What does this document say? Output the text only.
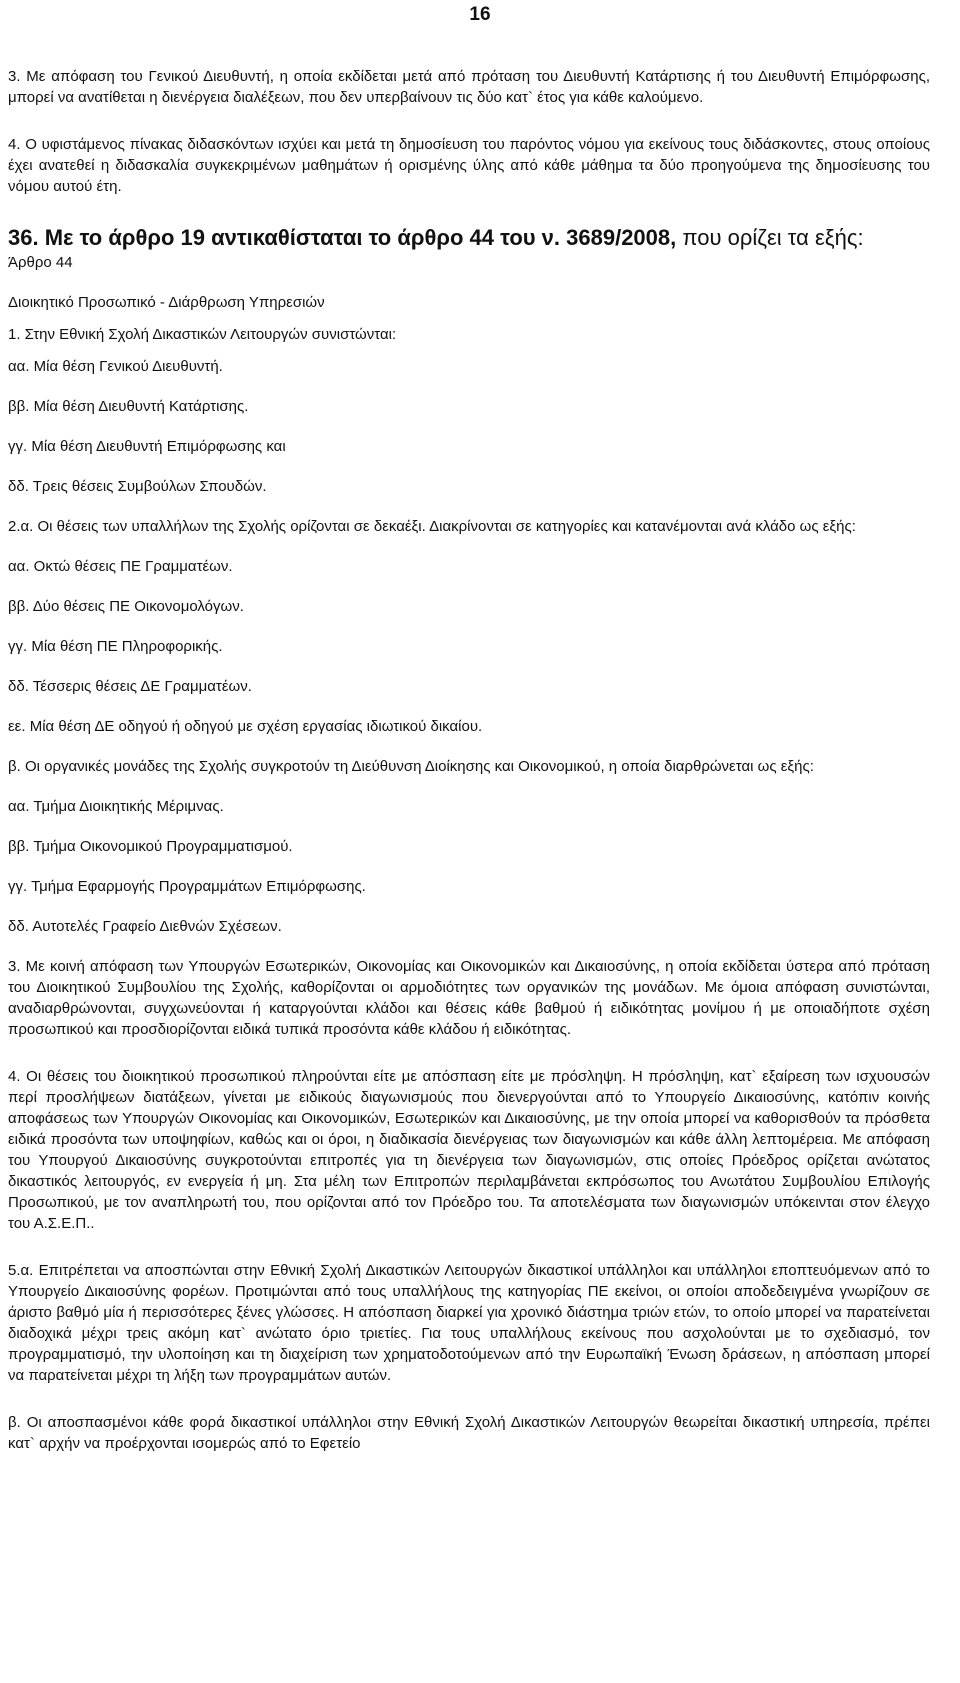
16

3. Με απόφαση του Γενικού Διευθυντή, η οποία εκδίδεται μετά από πρόταση του Διευθυντή Κατάρτισης ή του Διευθυντή Επιμόρφωσης, μπορεί να ανατίθεται η διενέργεια διαλέξεων, που δεν υπερβαίνουν τις δύο κατ` έτος για κάθε καλούμενο.

4. Ο υφιστάμενος πίνακας διδασκόντων ισχύει και μετά τη δημοσίευση του παρόντος νόμου για εκείνους τους διδάσκοντες, στους οποίους έχει ανατεθεί η διδασκαλία συγκεκριμένων μαθημάτων ή ορισμένης ύλης από κάθε μάθημα τα δύο προηγούμενα της δημοσίευσης του νόμου αυτού έτη.

36. Με το άρθρο 19 αντικαθίσταται το άρθρο 44 του ν. 3689/2008, που ορίζει τα εξής:

Άρθρο 44

Διοικητικό Προσωπικό - Διάρθρωση Υπηρεσιών

1. Στην Εθνική Σχολή Δικαστικών Λειτουργών συνιστώνται:

αα. Μία θέση Γενικού Διευθυντή.

ββ. Μία θέση Διευθυντή Κατάρτισης.

γγ. Μία θέση Διευθυντή Επιμόρφωσης και

δδ. Τρεις θέσεις Συμβούλων Σπουδών.

2.α. Οι θέσεις των υπαλλήλων της Σχολής ορίζονται σε δεκαέξι. Διακρίνονται σε κατηγορίες και κατανέμονται ανά κλάδο ως εξής:

αα. Οκτώ θέσεις ΠΕ Γραμματέων.

ββ. Δύο θέσεις ΠΕ Οικονομολόγων.

γγ. Μία θέση ΠΕ Πληροφορικής.

δδ. Τέσσερις θέσεις ΔΕ Γραμματέων.

εε. Μία θέση ΔΕ οδηγού ή οδηγού με σχέση εργασίας ιδιωτικού δικαίου.

β. Οι οργανικές μονάδες της Σχολής συγκροτούν τη Διεύθυνση Διοίκησης και Οικονομικού, η οποία διαρθρώνεται ως εξής:

αα. Τμήμα Διοικητικής Μέριμνας.

ββ. Τμήμα Οικονομικού Προγραμματισμού.

γγ. Τμήμα Εφαρμογής Προγραμμάτων Επιμόρφωσης.

δδ. Αυτοτελές Γραφείο Διεθνών Σχέσεων.

3. Με κοινή απόφαση των Υπουργών Εσωτερικών, Οικονομίας και Οικονομικών και Δικαιοσύνης, η οποία εκδίδεται ύστερα από πρόταση του Διοικητικού Συμβουλίου της Σχολής, καθορίζονται οι αρμοδιότητες των οργανικών της μονάδων. Με όμοια απόφαση συνιστώνται, αναδιαρθρώνονται, συγχωνεύονται ή καταργούνται κλάδοι και θέσεις κάθε βαθμού ή ειδικότητας μονίμου ή με οποιαδήποτε σχέση προσωπικού και προσδιορίζονται ειδικά τυπικά προσόντα κάθε κλάδου ή ειδικότητας.

4. Οι θέσεις του διοικητικού προσωπικού πληρούνται είτε με απόσπαση είτε με πρόσληψη. Η πρόσληψη, κατ` εξαίρεση των ισχυουσών περί προσλήψεων διατάξεων, γίνεται με ειδικούς διαγωνισμούς που διενεργούνται από το Υπουργείο Δικαιοσύνης, κατόπιν κοινής αποφάσεως των Υπουργών Οικονομίας και Οικονομικών, Εσωτερικών και Δικαιοσύνης, με την οποία μπορεί να καθορισθούν τα πρόσθετα ειδικά προσόντα των υποψηφίων, καθώς και οι όροι, η διαδικασία διενέργειας των διαγωνισμών και κάθε άλλη λεπτομέρεια. Με απόφαση του Υπουργού Δικαιοσύνης συγκροτούνται επιτροπές για τη διενέργεια των διαγωνισμών, στις οποίες Πρόεδρος ορίζεται ανώτατος δικαστικός λειτουργός, εν ενεργεία ή μη. Στα μέλη των Επιτροπών περιλαμβάνεται εκπρόσωπος του Ανωτάτου Συμβουλίου Επιλογής Προσωπικού, με τον αναπληρωτή του, που ορίζονται από τον Πρόεδρο του. Τα αποτελέσματα των διαγωνισμών υπόκεινται στον έλεγχο του Α.Σ.Ε.Π..

5.α. Επιτρέπεται να αποσπώνται στην Εθνική Σχολή Δικαστικών Λειτουργών δικαστικοί υπάλληλοι και υπάλληλοι εποπτευόμενων από το Υπουργείο Δικαιοσύνης φορέων. Προτιμώνται από τους υπαλλήλους της κατηγορίας ΠΕ εκείνοι, οι οποίοι αποδεδειγμένα γνωρίζουν σε άριστο βαθμό μία ή περισσότερες ξένες γλώσσες. Η απόσπαση διαρκεί για χρονικό διάστημα τριών ετών, το οποίο μπορεί να παρατείνεται διαδοχικά μέχρι τρεις ακόμη κατ` ανώτατο όριο τριετίες. Για τους υπαλλήλους εκείνους που ασχολούνται με το σχεδιασμό, τον προγραμματισμό, την υλοποίηση και τη διαχείριση των χρηματοδοτούμενων από την Ευρωπαϊκή Ένωση δράσεων, η απόσπαση μπορεί να παρατείνεται μέχρι τη λήξη των προγραμμάτων αυτών.

β. Οι αποσπασμένοι κάθε φορά δικαστικοί υπάλληλοι στην Εθνική Σχολή Δικαστικών Λειτουργών θεωρείται δικαστική υπηρεσία, πρέπει κατ` αρχήν να προέρχονται ισομερώς από το Εφετείο
